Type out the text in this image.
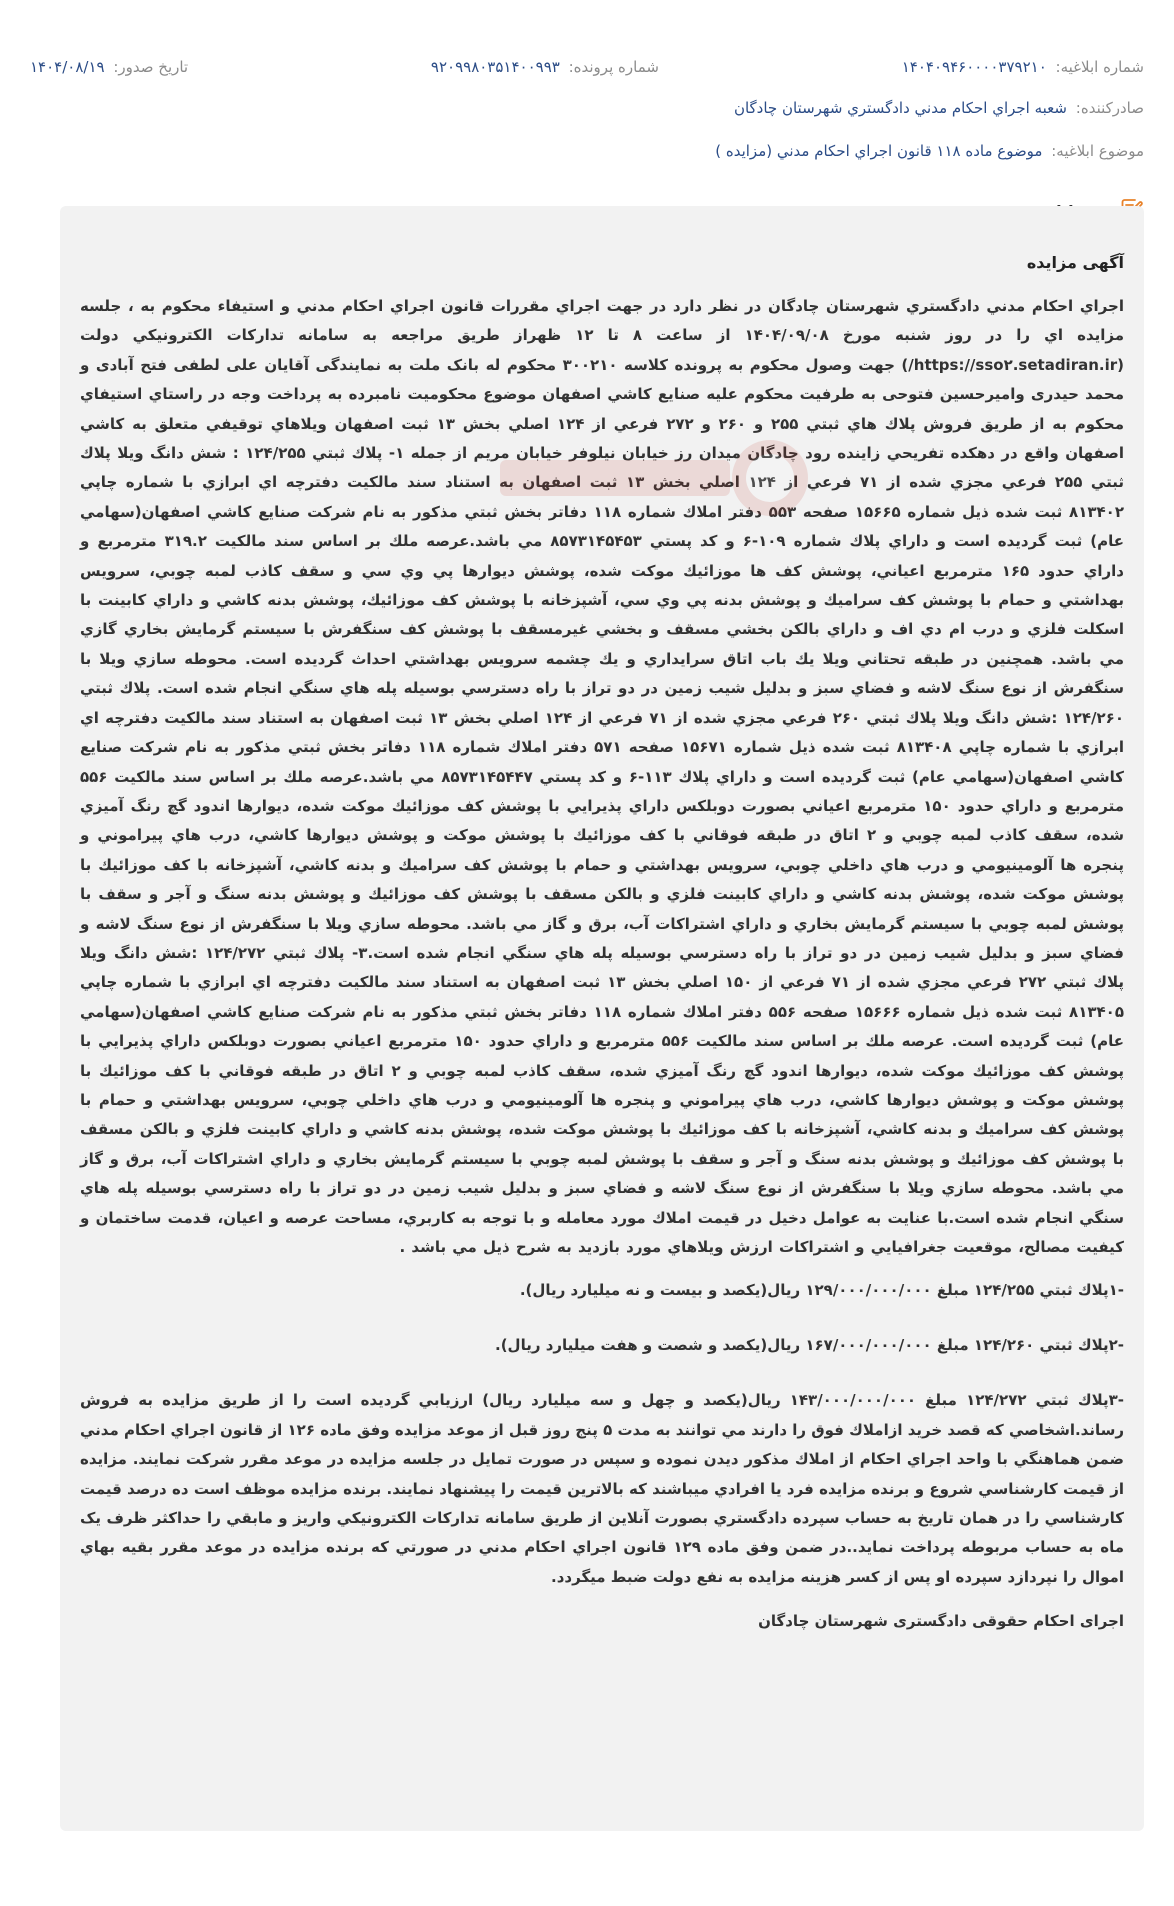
شماره ابلاغیه: ۱۴۰۴۰۹۴۶۰۰۰۰۳۷۹۲۱۰
شماره پرونده: ۹۲۰۹۹۸۰۳۵۱۴۰۰۹۹۳
تاریخ صدور: ۱۴۰۴/۰۸/۱۹
صادرکننده: شعبه اجراي احكام مدني دادگستري شهرستان چادگان
موضوع ابلاغیه: موضوع ماده ۱۱۸ قانون اجراي احكام مدني (مزایده )
آگهی مزایده

اجراي احكام مدني دادگستري شهرستان چادگان در نظر دارد در جهت اجراي مقررات قانون اجراي احكام مدني و استيفاء محكوم به ، جلسه مزايده اي را در روز شنبه مورخ ۱۴۰۴/۰۹/۰۸ از ساعت ۸ تا ۱۲ ظهراز طريق مراجعه به سامانه تداركات الكترونيكي دولت (https://sso۲.setadiran.ir/) جهت وصول محكوم به پرونده كلاسه ۳۰۰۲۱۰ محكوم له بانک ملت به نمايندگی آقايان علی لطفی فتح آبادی و محمد حيدری واميرحسين فتوحی به طرفيت محكوم عليه صنايع كاشي اصفهان موضوع محكوميت نامبرده به پرداخت وجه در راستاي استيفاي محكوم به از طريق فروش پلاك هاي ثبتي ۲۵۵ و ۲۶۰ و ۲۷۲ فرعي از ۱۲۴ اصلي بخش ۱۳ ثبت اصفهان ويلاهاي توقيفي متعلق به كاشي اصفهان واقع در دهكده تفريحي زاينده رود چادگان ميدان رز خيابان نيلوفر خيابان مريم از جمله ۱- پلاك ثبتي ۱۲۴/۲۵۵ : شش دانگ ويلا پلاك ثبتي ۲۵۵ فرعي مجزي شده از ۷۱ فرعي از ۱۲۴ اصلي بخش ۱۳ ثبت اصفهان به استناد سند مالكيت دفترچه اي ابرازي با شماره چاپي ۸۱۳۴۰۲ ثبت شده ذيل شماره ۱۵۶۶۵ صفحه ۵۵۳ دفتر املاك شماره ۱۱۸ دفاتر بخش ثبتي مذكور به نام شركت صنايع كاشي اصفهان(سهامي عام) ثبت گرديده است و داراي پلاك شماره ۱۰۹-۶ و كد پستي ۸۵۷۳۱۴۵۴۵۳ مي باشد.عرصه ملك بر اساس سند مالكيت ۳۱۹.۲ مترمربع و داراي حدود ۱۶۵ مترمربع اعياني، پوشش كف ها موزائيك موكت شده، پوشش ديوارها پي وي سي و سقف كاذب لمبه چوبي، سرويس بهداشتي و حمام با پوشش كف سراميك و پوشش بدنه پي وي سي، آشپزخانه با پوشش كف موزائيك، پوشش بدنه كاشي و داراي كابينت با اسكلت فلزي و درب ام دي اف و داراي بالكن بخشي مسقف و بخشي غيرمسقف با پوشش كف سنگفرش با سيستم گرمايش بخاري گازي مي باشد. همچنين در طبقه تحتاني ويلا يك باب اتاق سرايداري و يك چشمه سرويس بهداشتي احداث گرديده است. محوطه سازي ويلا با سنگفرش از نوع سنگ لاشه و فضاي سبز و بدليل شيب زمين در دو تراز با راه دسترسي بوسيله پله هاي سنگي انجام شده است. پلاك ثبتي ۱۲۴/۲۶۰ :شش دانگ ويلا پلاك ثبتي ۲۶۰ فرعي مجزي شده از ۷۱ فرعي از ۱۲۴ اصلي بخش ۱۳ ثبت اصفهان به استناد سند مالكيت دفترچه اي ابرازي با شماره چاپي ۸۱۳۴۰۸ ثبت شده ذيل شماره ۱۵۶۷۱ صفحه ۵۷۱ دفتر املاك شماره ۱۱۸ دفاتر بخش ثبتي مذكور به نام شركت صنايع كاشي اصفهان(سهامي عام) ثبت گرديده است و داراي پلاك ۱۱۳-۶ و كد پستي ۸۵۷۳۱۴۵۴۴۷ مي باشد.عرصه ملك بر اساس سند مالكيت ۵۵۶ مترمربع و داراي حدود ۱۵۰ مترمربع اعياني بصورت دوبلكس داراي پذيرايي با پوشش كف موزائيك موكت شده، ديوارها اندود گچ رنگ آميزي شده، سقف كاذب لمبه چوبي و ۲ اتاق در طبقه فوقاني با كف موزائيك با پوشش موكت و پوشش ديوارها كاشي، درب هاي پيراموني و پنجره ها آلومينيومي و درب هاي داخلي چوبي، سرويس بهداشتي و حمام با پوشش كف سراميك و بدنه كاشي، آشپزخانه با كف موزائيك با پوشش موكت شده، پوشش بدنه كاشي و داراي كابينت فلزي و بالكن مسقف با پوشش كف موزائيك و پوشش بدنه سنگ و آجر و سقف با پوشش لمبه چوبي با سيستم گرمايش بخاري و داراي اشتراكات آب، برق و گاز مي باشد. محوطه سازي ويلا با سنگفرش از نوع سنگ لاشه و فضاي سبز و بدليل شيب زمين در دو تراز با راه دسترسي بوسيله پله هاي سنگي انجام شده است.۳- پلاك ثبتي ۱۲۴/۲۷۲ :شش دانگ ويلا پلاك ثبتي ۲۷۲ فرعي مجزي شده از ۷۱ فرعي از ۱۵۰ اصلي بخش ۱۳ ثبت اصفهان به استناد سند مالكيت دفترچه اي ابرازي با شماره چاپي ۸۱۳۴۰۵ ثبت شده ذيل شماره ۱۵۶۶۶ صفحه ۵۵۶ دفتر املاك شماره ۱۱۸ دفاتر بخش ثبتي مذكور به نام شركت صنايع كاشي اصفهان(سهامي عام) ثبت گرديده است. عرصه ملك بر اساس سند مالكيت ۵۵۶ مترمربع و داراي حدود ۱۵۰ مترمربع اعياني بصورت دوبلكس داراي پذيرايي با پوشش كف موزائيك موكت شده، ديوارها اندود گچ رنگ آميزي شده، سقف كاذب لمبه چوبي و ۲ اتاق در طبقه فوقاني با كف موزائيك با پوشش موكت و پوشش ديوارها كاشي، درب هاي پيراموني و پنجره ها آلومينيومي و درب هاي داخلي چوبي، سرويس بهداشتي و حمام با پوشش كف سراميك و بدنه كاشي، آشپزخانه با كف موزائيك با پوشش موكت شده، پوشش بدنه كاشي و داراي كابينت فلزي و بالكن مسقف با پوشش كف موزائيك و پوشش بدنه سنگ و آجر و سقف با پوشش لمبه چوبي با سيستم گرمايش بخاري و داراي اشتراكات آب، برق و گاز مي باشد. محوطه سازي ويلا با سنگفرش از نوع سنگ لاشه و فضاي سبز و بدليل شيب زمين در دو تراز با راه دسترسي بوسيله پله هاي سنگي انجام شده است.با عنايت به عوامل دخيل در قيمت املاك مورد معامله و با توجه به كاربري، مساحت عرصه و اعيان، قدمت ساختمان و كيفيت مصالح، موقعيت جغرافيايي و اشتراكات ارزش ويلاهاي مورد بازديد به شرح ذيل مي باشد .

-۱پلاك ثبتي ۱۲۴/۲۵۵ مبلغ ۱۲۹/۰۰۰/۰۰۰/۰۰۰ ريال(يكصد و بيست و نه ميليارد ريال).

-۲پلاك ثبتي ۱۲۴/۲۶۰ مبلغ ۱۶۷/۰۰۰/۰۰۰/۰۰۰ ريال(يكصد و شصت و هفت ميليارد ريال).

-۳پلاك ثبتي ۱۲۴/۲۷۲ مبلغ ۱۴۳/۰۰۰/۰۰۰/۰۰۰ ريال(يكصد و چهل و سه ميليارد ريال) ارزيابي گرديده است را از طريق مزايده به فروش رساند.اشخاصي كه قصد خريد ازاملاك فوق را دارند مي توانند به مدت ۵ پنج روز قبل از موعد مزايده وفق ماده ۱۲۶ از قانون اجراي احكام مدني ضمن هماهنگي با واحد اجراي احكام از املاك مذكور ديدن نموده و سپس در صورت تمايل در جلسه مزايده در موعد مقرر شركت نمايند. مزايده از قيمت كارشناسي شروع و برنده مزايده فرد يا افرادي ميباشند كه بالاترين قيمت را پيشنهاد نمايند. برنده مزايده موظف است ده درصد قيمت كارشناسي را در همان تاريخ به حساب سپرده دادگستري بصورت آنلاين از طريق سامانه تداركات الكترونيكي واريز و مابقي را حداكثر ظرف يک ماه به حساب مربوطه پرداخت نمايد..در ضمن وفق ماده ۱۲۹ قانون اجراي احكام مدني در صورتي كه برنده مزايده در موعد مقرر بقيه بهاي اموال را نپردازد سپرده او پس از كسر هزينه مزايده به نفع دولت ضبط ميگردد.

اجرای احکام حقوقی دادگستری شهرستان چادگان
